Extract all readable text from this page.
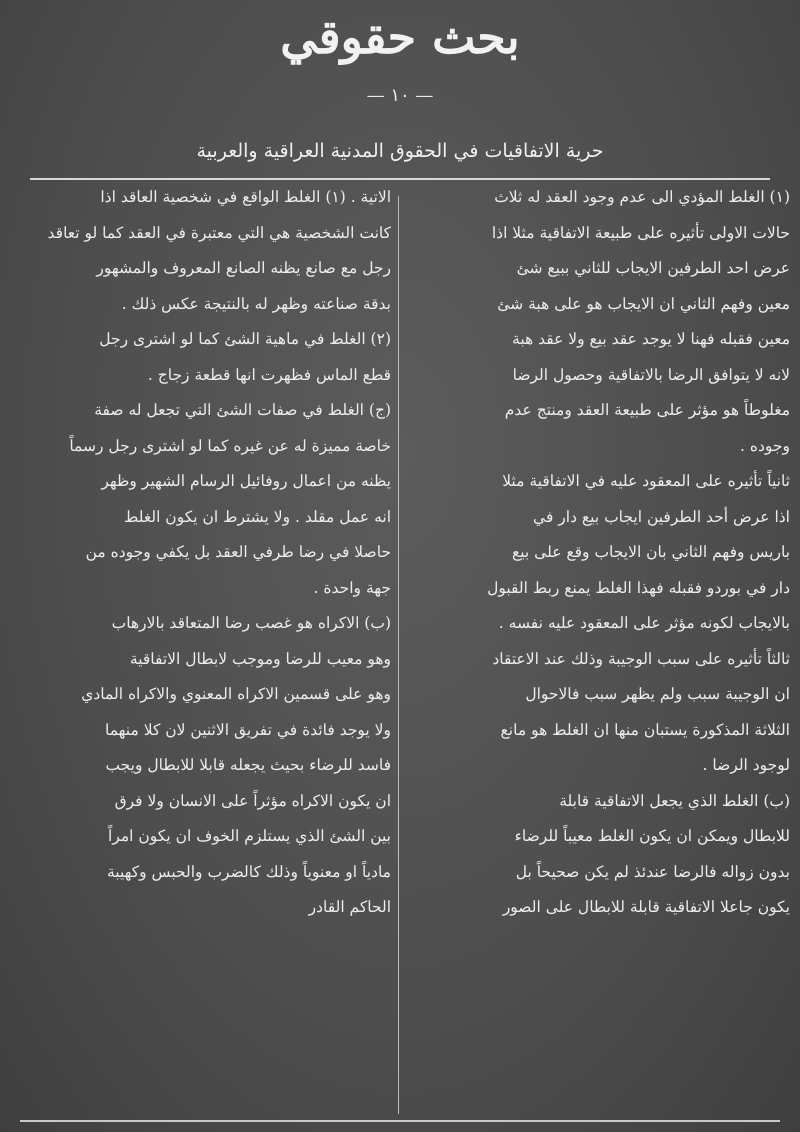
بحث حقوقي
— ١٠ —
حرية الاتفاقيات في الحقوق المدنية العراقية والعربية
(١) الغلط المؤدي الى عدم وجود العقد له ثلاث
حالات الاولى تأثيره على طبيعة الاتفاقية مثلا اذا
عرض احد الطرفين الايجاب للثاني ببيع شئ
معين وفهم الثاني ان الايجاب هو على هبة شئ
معين فقبله فهنا لا يوجد عقد بيع ولا عقد هبة
لانه لا يتوافق الرضا بالاتفاقية وحصول الرضا
مغلوطاً هو مؤثر على طبيعة العقد ومنتج عدم
وجوده .
ثانياً تأثيره على المعقود عليه في الاتفاقية مثلا
اذا عرض أحد الطرفين ايجاب بيع دار في
باريس وفهم الثاني بان الايجاب وقع على بيع
دار في بوردو فقبله فهذا الغلط يمنع ربط القبول
بالايجاب لكونه مؤثر على المعقود عليه نفسه .
ثالثاً تأثيره على سبب الوجيبة وذلك عند الاعتقاد
ان الوجيبة سبب ولم يظهر سبب فالاحوال
الثلاثة المذكورة يستبان منها ان الغلط هو مانع
لوجود الرضا .
(ب) الغلط الذي يجعل الاتفاقية قابلة
للابطال ويمكن ان يكون الغلط معيباً للرضاء
بدون زواله فالرضا عندئذ لم يكن صحيحاً بل
يكون جاعلا الاتفاقية قابلة للابطال على الصور
الاتية . (١) الغلط الواقع في شخصية العاقد اذا
كانت الشخصية هي التي معتبرة في العقد كما لو تعاقد
رجل مع صانع يظنه الصانع المعروف والمشهور
بدقة صناعته وظهر له بالنتيجة عكس ذلك .
(٢) الغلط في ماهية الشئ كما لو اشترى رجل
قطع الماس فظهرت انها قطعة زجاج .
(ج) الغلط في صفات الشئ التي تجعل له صفة
خاصة مميزة له عن غيره كما لو اشترى رجل رسماً
يظنه من اعمال روفائيل الرسام الشهير وظهر
انه عمل مقلد . ولا يشترط ان يكون الغلط
حاصلا في رضا طرفي العقد بل يكفي وجوده من
جهة واحدة .
(ب) الاكراه هو غصب رضا المتعاقد بالارهاب
وهو معيب للرضا وموجب لابطال الاتفاقية
وهو على قسمين الاكراه المعنوي والاكراه المادي
ولا يوجد فائدة في تفريق الاثنين لان كلا منهما
فاسد للرضاء بحيث يجعله قابلا للابطال ويجب
ان يكون الاكراه مؤثراً على الانسان ولا فرق
بين الشئ الذي يستلزم الخوف ان يكون امراً
مادياً او معنوياً وذلك كالضرب والحبس وكهيبة
الحاكم القادر
